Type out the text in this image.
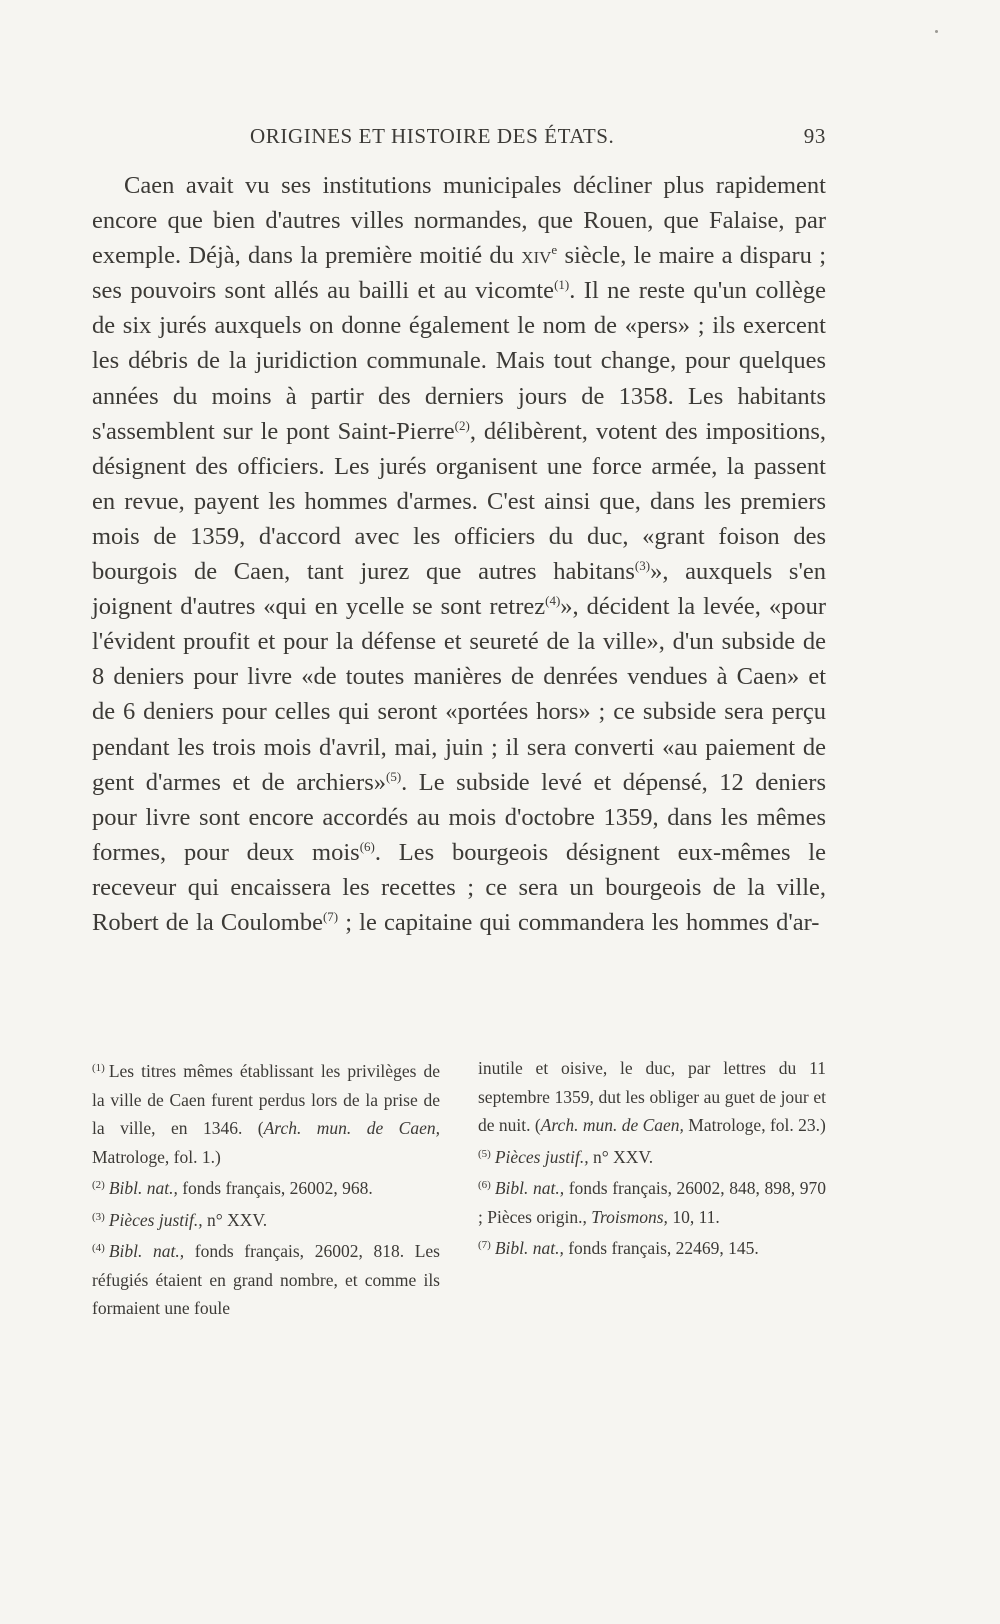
ORIGINES ET HISTOIRE DES ÉTATS.	93

Caen avait vu ses institutions municipales décliner plus rapidement encore que bien d'autres villes normandes, que Rouen, que Falaise, par exemple. Déjà, dans la première moitié du xiv$^e$ siècle, le maire a disparu ; ses pouvoirs sont allés au bailli et au vicomte$^{(1)}$. Il ne reste qu'un collège de six jurés auxquels on donne également le nom de «pers» ; ils exercent les débris de la juridiction communale. Mais tout change, pour quelques années du moins à partir des derniers jours de 1358. Les habitants s'assemblent sur le pont Saint-Pierre$^{(2)}$, délibèrent, votent des impositions, désignent des officiers. Les jurés organisent une force armée, la passent en revue, payent les hommes d'armes. C'est ainsi que, dans les premiers mois de 1359, d'accord avec les officiers du duc, «grant foison des bourgois de Caen, tant jurez que autres habitans$^{(3)}$», auxquels s'en joignent d'autres «qui en ycelle se sont retrez$^{(4)}$», décident la levée, «pour l'évident proufit et pour la défense et seureté de la ville», d'un subside de 8 deniers pour livre «de toutes manières de denrées vendues à Caen» et de 6 deniers pour celles qui seront «portées hors» ; ce subside sera perçu pendant les trois mois d'avril, mai, juin ; il sera converti «au paiement de gent d'armes et de archiers»$^{(5)}$. Le subside levé et dépensé, 12 deniers pour livre sont encore accordés au mois d'octobre 1359, dans les mêmes formes, pour deux mois$^{(6)}$. Les bourgeois désignent eux-mêmes le receveur qui encaissera les recettes ; ce sera un bourgeois de la ville, Robert de la Coulombe$^{(7)}$ ; le capitaine qui commandera les hommes d'ar-

$^{(1)}$ Les titres mêmes établissant les privilèges de la ville de Caen furent perdus lors de la prise de la ville, en 1346. (Arch. mun. de Caen, Matrologe, fol. 1.)
$^{(2)}$ Bibl. nat., fonds français, 26002, 968.
$^{(3)}$ Pièces justif., n° XXV.
$^{(4)}$ Bibl. nat., fonds français, 26002, 818. Les réfugiés étaient en grand nombre, et comme ils formaient une foule
inutile et oisive, le duc, par lettres du 11 septembre 1359, dut les obliger au guet de jour et de nuit. (Arch. mun. de Caen, Matrologe, fol. 23.)
$^{(5)}$ Pièces justif., n° XXV.
$^{(6)}$ Bibl. nat., fonds français, 26002, 848, 898, 970 ; Pièces origin., Troismons, 10, 11.
$^{(7)}$ Bibl. nat., fonds français, 22469, 145.
